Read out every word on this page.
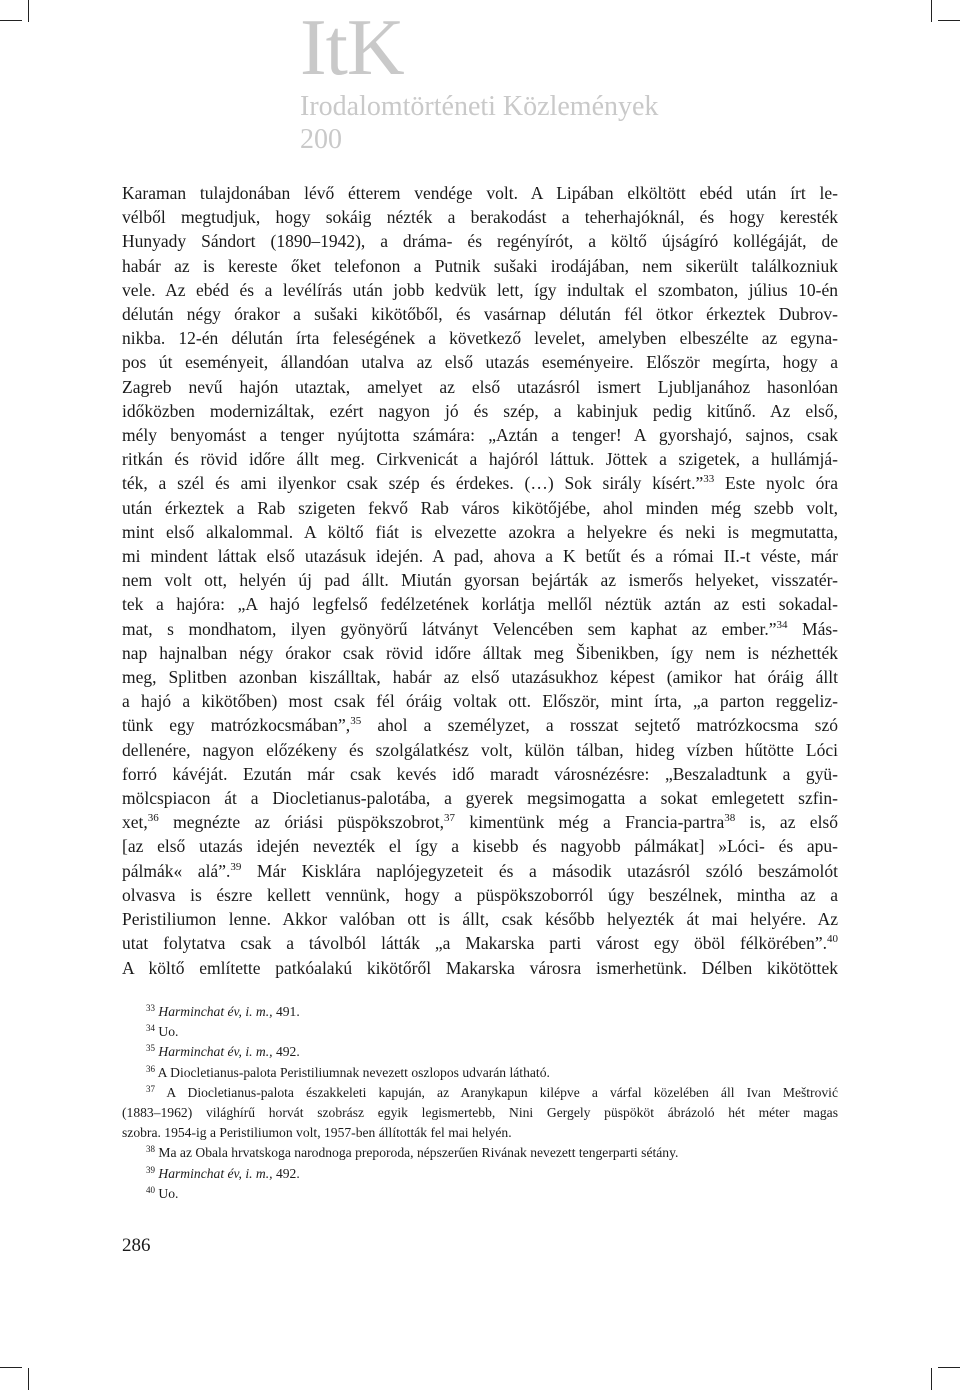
ItK
Irodalomtörténeti Közlemények
200
Karaman tulajdonában lévő étterem vendége volt. A Lipában elköltött ebéd után írt le-
vélből megtudjuk, hogy sokáig nézték a berakodást a teherhajóknál, és hogy keresték
Hunyady Sándort (1890–1942), a dráma- és regényírót, a költő újságíró kollégáját, de
habár az is kereste őket telefonon a Putnik sušaki irodájában, nem sikerült találkozniuk
vele. Az ebéd és a levélírás után jobb kedvük lett, így indultak el szombaton, július 10-én
délután négy órakor a sušaki kikötőből, és vasárnap délután fél ötkor érkeztek Dubrov-
nikba. 12-én délután írta feleségének a következő levelet, amelyben elbeszélte az egyna-
pos út eseményeit, állandóan utalva az első utazás eseményeire. Először megírta, hogy a
Zagreb nevű hajón utaztak, amelyet az első utazásról ismert Ljubljanához hasonlóan
időközben modernizáltak, ezért nagyon jó és szép, a kabinjuk pedig kitűnő. Az első,
mély benyomást a tenger nyújtotta számára: „Aztán a tenger! A gyorshajó, sajnos, csak
ritkán és rövid időre állt meg. Cirkvenicát a hajóról láttuk. Jöttek a szigetek, a hullámjá-
ték, a szél és ami ilyenkor csak szép és érdekes. (…) Sok sirály kísért.”$^{33}$ Este nyolc óra
után érkeztek a Rab szigeten fekvő Rab város kikötőjébe, ahol minden még szebb volt,
mint első alkalommal. A költő fiát is elvezette azokra a helyekre és neki is megmutatta,
mi mindent láttak első utazásuk idején. A pad, ahova a K betűt és a római II.-t véste, már
nem volt ott, helyén új pad állt. Miután gyorsan bejárták az ismerős helyeket, visszatér-
tek a hajóra: „A hajó legfelső fedélzetének korlátja mellől néztük aztán az esti sokadal-
mat, s mondhatom, ilyen gyönyörű látványt Velencében sem kaphat az ember.”$^{34}$ Más-
nap hajnalban négy órakor csak rövid időre álltak meg Šibenikben, így nem is nézhették
meg, Splitben azonban kiszálltak, habár az első utazásukhoz képest (amikor hat óráig állt
a hajó a kikötőben) most csak fél óráig voltak ott. Először, mint írta, „a parton reggeliz-
tünk egy matrózkocsmában”,$^{35}$ ahol a személyzet, a rosszat sejtető matrózkocsma szó
dellenére, nagyon előzékeny és szolgálatkész volt, külön tálban, hideg vízben hűtötte Lóci
forró kávéját. Ezután már csak kevés idő maradt városnézésre: „Beszaladtunk a gyü-
mölcspiacon át a Diocletianus-palotába, a gyerek megsimogatta a sokat emlegetett szfin-
xet,$^{36}$ megnézte az óriási püspökszobrot,$^{37}$ kimentünk még a Francia-partra$^{38}$ is, az első
[az első utazás idején nevezték el így a kisebb és nagyobb pálmákat] »Lóci- és apu-
pálmák« alá”.$^{39}$ Már Kisklára naplójegyzeteit és a második utazásról szóló beszámolót
olvasva is észre kellett vennünk, hogy a püspökszoborról úgy beszélnek, mintha az a
Peristiliumon lenne. Akkor valóban ott is állt, csak később helyezték át mai helyére. Az
utat folytatva csak a távolból látták „a Makarska parti várost egy öböl félkörében”.$^{40}$
A költő említette patkóalakú kikötőről Makarska városra ismerhetünk. Délben kikötöttek
$^{33}$ Harminchat év, i. m., 491.
$^{34}$ Uo.
$^{35}$ Harminchat év, i. m., 492.
$^{36}$ A Diocletianus-palota Peristiliumnak nevezett oszlopos udvarán látható.
$^{37}$ A Diocletianus-palota északkeleti kapuján, az Aranykapun kilépve a várfal közelében áll Ivan Meštrović
(1883–1962) világhírű horvát szobrász egyik legismertebb, Nini Gergely püspököt ábrázoló hét méter magas
szobra. 1954-ig a Peristiliumon volt, 1957-ben állították fel mai helyén.
$^{38}$ Ma az Obala hrvatskoga narodnoga preporoda, népszerűen Rivának nevezett tengerparti sétány.
$^{39}$ Harminchat év, i. m., 492.
$^{40}$ Uo.
286
